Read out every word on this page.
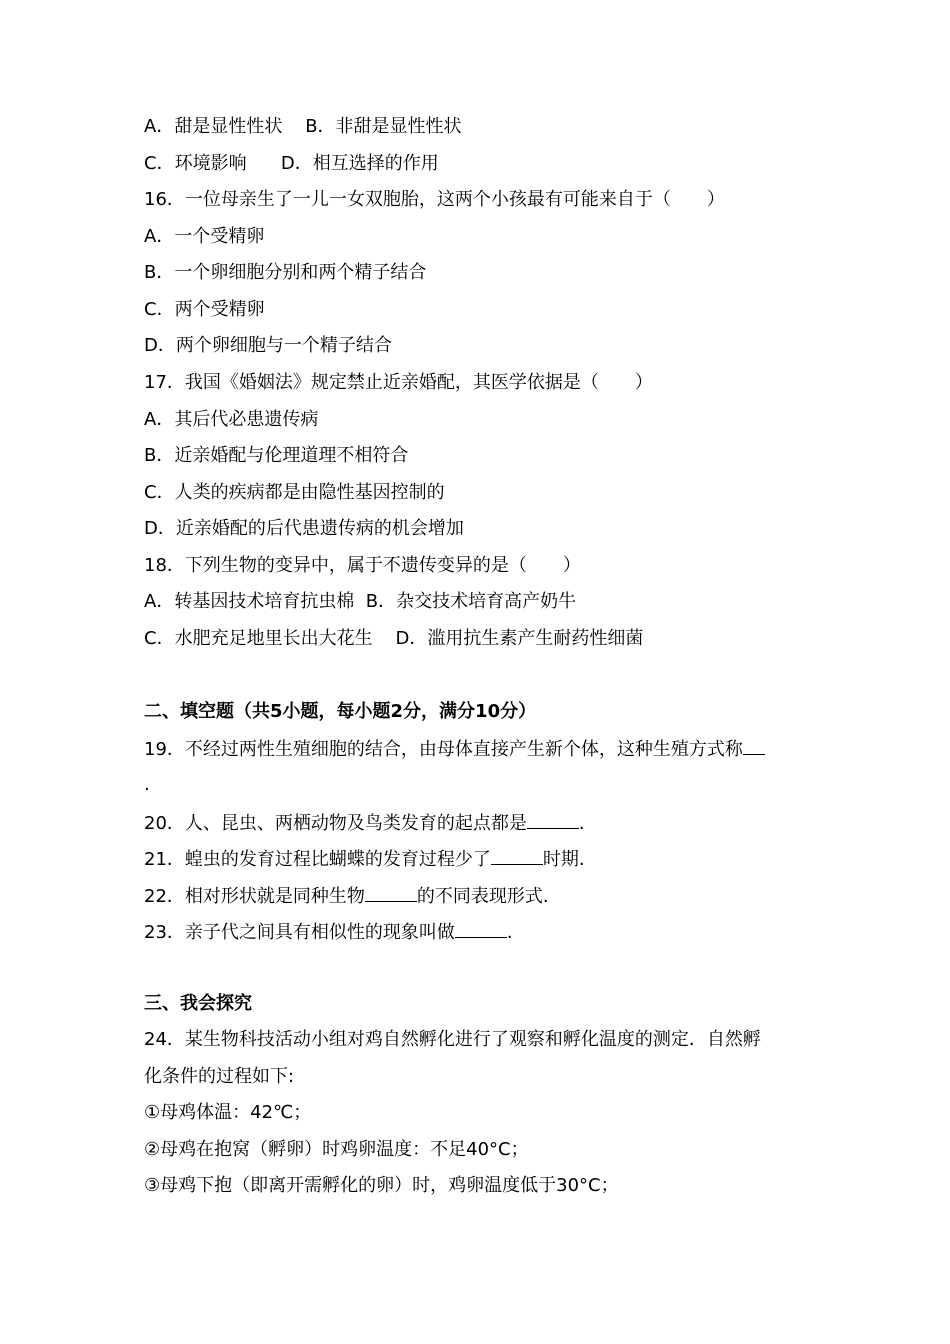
A．甜是显性性状    B．非甜是显性性状
C．环境影响      D．相互选择的作用
16．一位母亲生了一儿一女双胞胎，这两个小孩最有可能来自于（　　）
A．一个受精卵
B．一个卵细胞分别和两个精子结合
C．两个受精卵
D．两个卵细胞与一个精子结合
17．我国《婚姻法》规定禁止近亲婚配，其医学依据是（　　）
A．其后代必患遗传病
B．近亲婚配与伦理道理不相符合
C．人类的疾病都是由隐性基因控制的
D．近亲婚配的后代患遗传病的机会增加
18．下列生物的变异中，属于不遗传变异的是（　　）
A．转基因技术培育抗虫棉  B．杂交技术培育高产奶牛
C．水肥充足地里长出大花生    D．滥用抗生素产生耐药性细菌
二、填空题（共5小题，每小题2分，满分10分）
19．不经过两性生殖细胞的结合，由母体直接产生新个体，这种生殖方式称
.
20．人、昆虫、两栖动物及鸟类发育的起点都是	.
21．蝗虫的发育过程比蝴蝶的发育过程少了	时期.
22．相对形状就是同种生物	的不同表现形式.
23．亲子代之间具有相似性的现象叫做	.
三、我会探究
24．某生物科技活动小组对鸡自然孵化进行了观察和孵化温度的测定．自然孵
化条件的过程如下:
①母鸡体温：42℃；
②母鸡在抱窝（孵卵）时鸡卵温度：不足40°C；
③母鸡下抱（即离开需孵化的卵）时，鸡卵温度低于30°C；
